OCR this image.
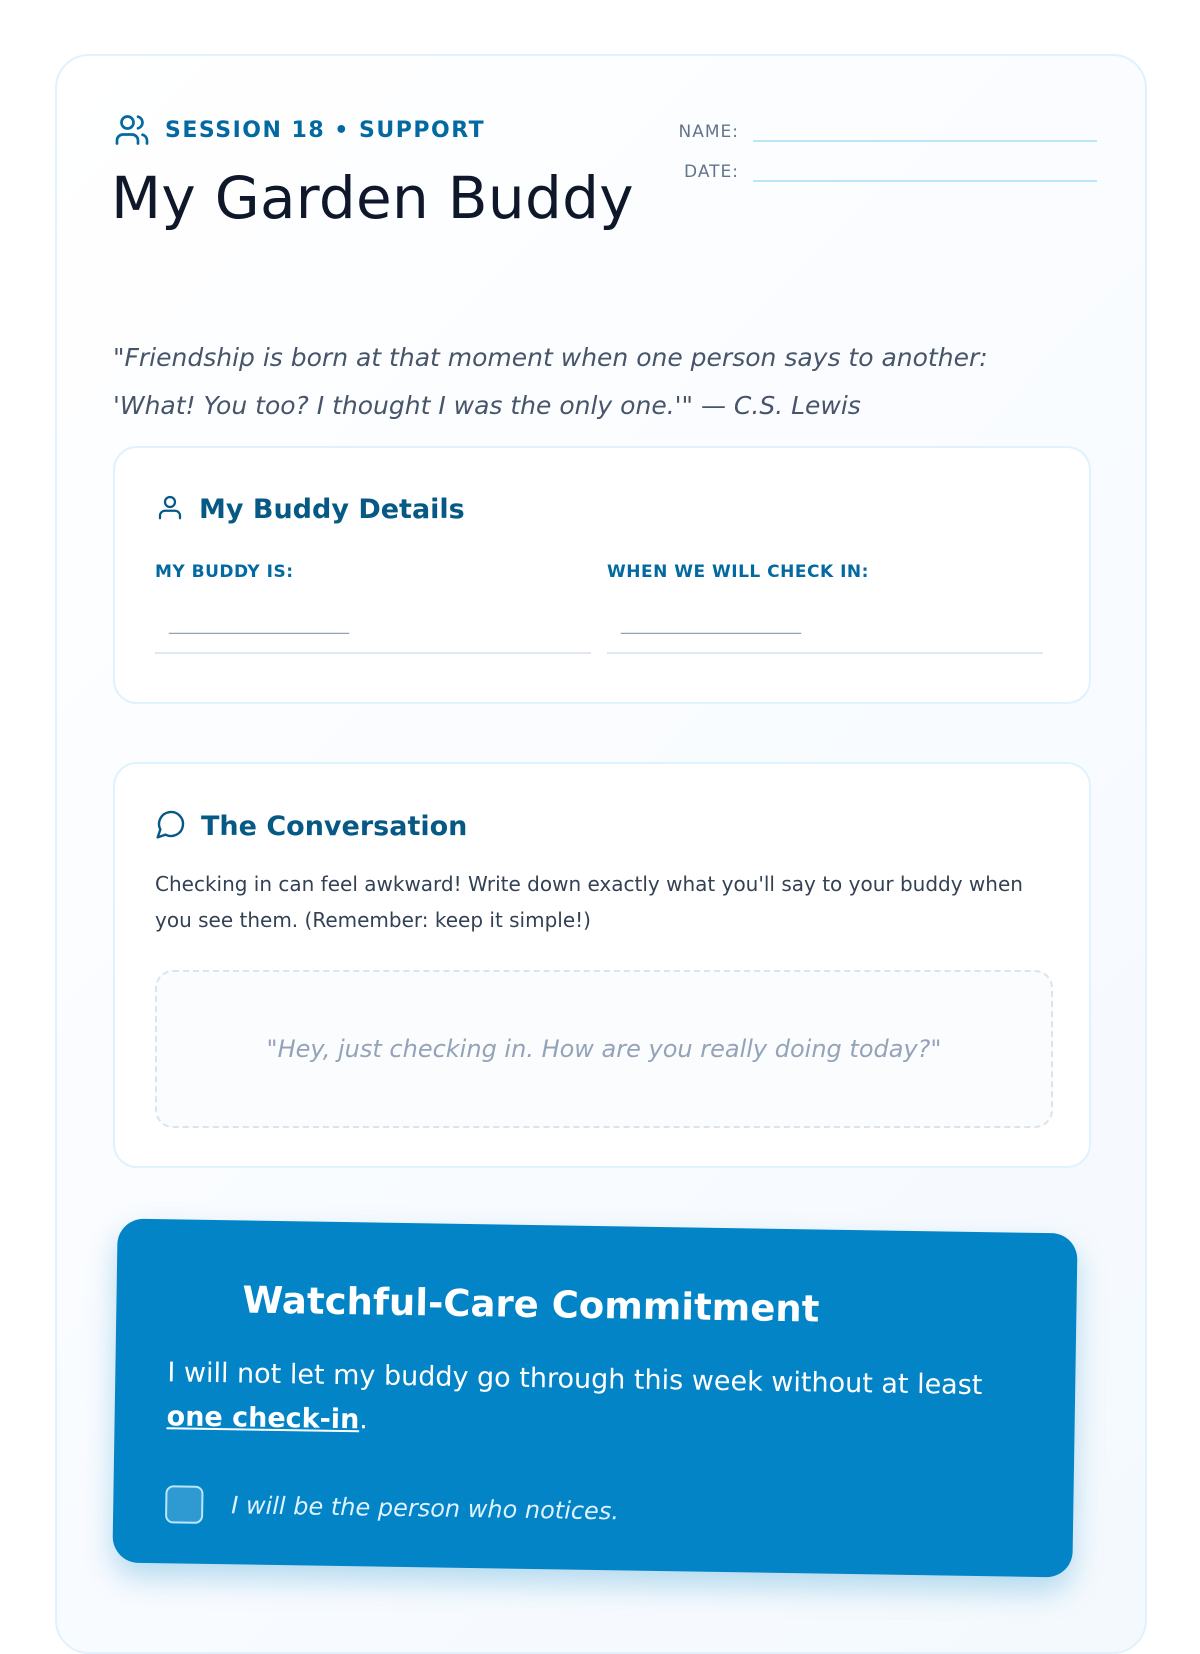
SESSION 18 • SUPPORT
My Garden Buddy
NAME:
DATE:

"Friendship is born at that moment when one person says to another: 'What! You too? I thought I was the only one.'" — C.S. Lewis

My Buddy Details
MY BUDDY IS:
____________________
WHEN WE WILL CHECK IN:
____________________
The Conversation

Checking in can feel awkward! Write down exactly what you'll say to your buddy when you see them. (Remember: keep it simple!)

"Hey, just checking in. How are you really doing today?"
Watchful-Care Commitment

I will not let my buddy go through this week without at least one check-in.

I will be the person who notices.
